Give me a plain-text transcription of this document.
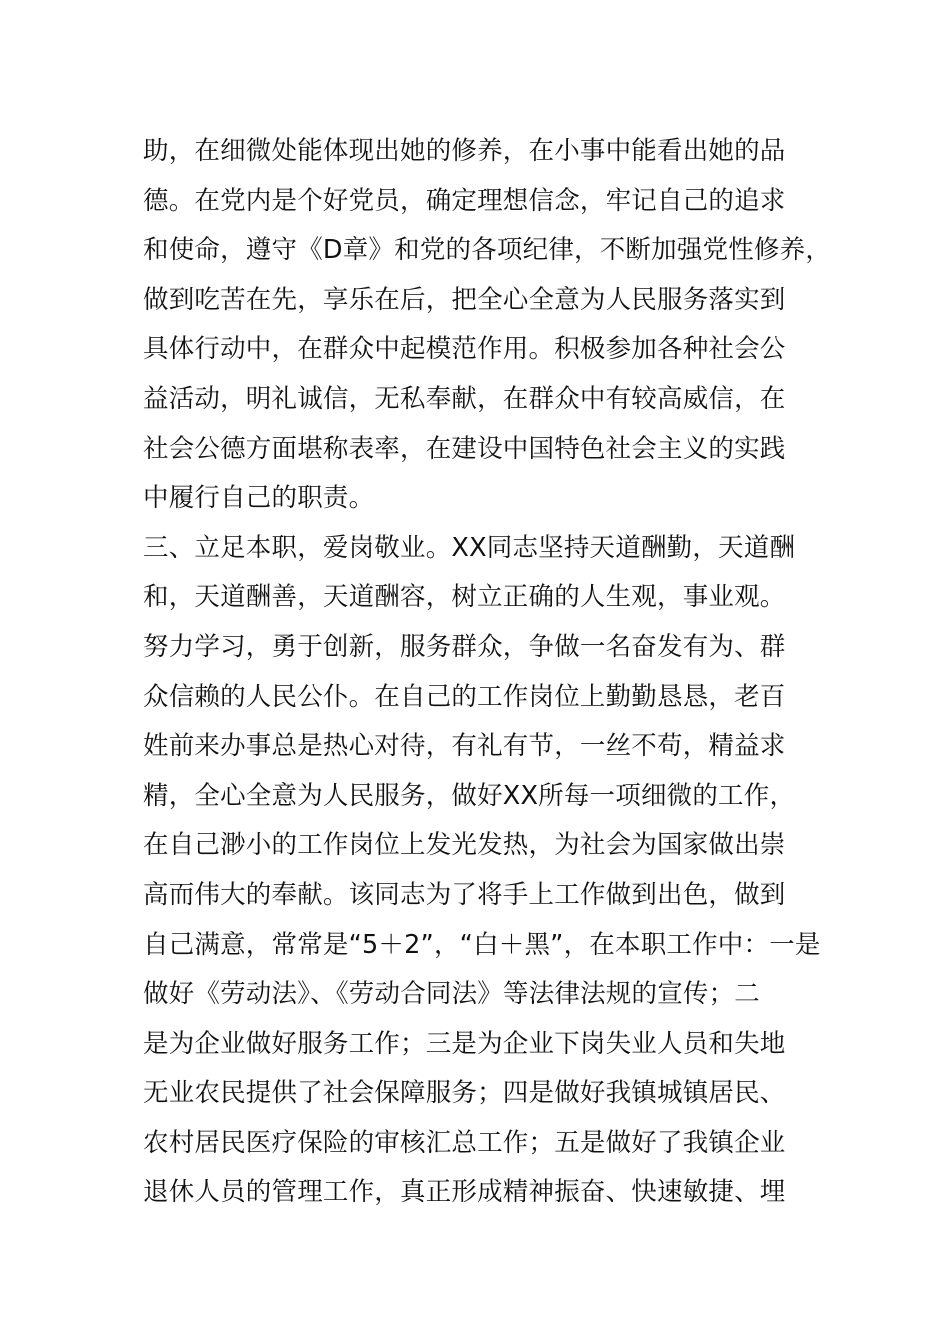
助，在细微处能体现出她的修养，在小事中能看出她的品
德。在党内是个好党员，确定理想信念，牢记自己的追求
和使命，遵守《D章》和党的各项纪律，不断加强党性修养，
做到吃苦在先，享乐在后，把全心全意为人民服务落实到
具体行动中，在群众中起模范作用。积极参加各种社会公
益活动，明礼诚信，无私奉献，在群众中有较高威信，在
社会公德方面堪称表率，在建设中国特色社会主义的实践
中履行自己的职责。
三、立足本职，爱岗敬业。XX同志坚持天道酬勤，天道酬
和，天道酬善，天道酬容，树立正确的人生观，事业观。
努力学习，勇于创新，服务群众，争做一名奋发有为、群
众信赖的人民公仆。在自己的工作岗位上勤勤恳恳，老百
姓前来办事总是热心对待，有礼有节，一丝不苟，精益求
精，全心全意为人民服务，做好XX所每一项细微的工作，
在自己渺小的工作岗位上发光发热，为社会为国家做出崇
高而伟大的奉献。该同志为了将手上工作做到出色，做到
自己满意，常常是“5＋2”，“白＋黑”，在本职工作中：一是
做好《劳动法》、《劳动合同法》等法律法规的宣传；二
是为企业做好服务工作；三是为企业下岗失业人员和失地
无业农民提供了社会保障服务；四是做好我镇城镇居民、
农村居民医疗保险的审核汇总工作；五是做好了我镇企业
退休人员的管理工作，真正形成精神振奋、快速敏捷、埋
